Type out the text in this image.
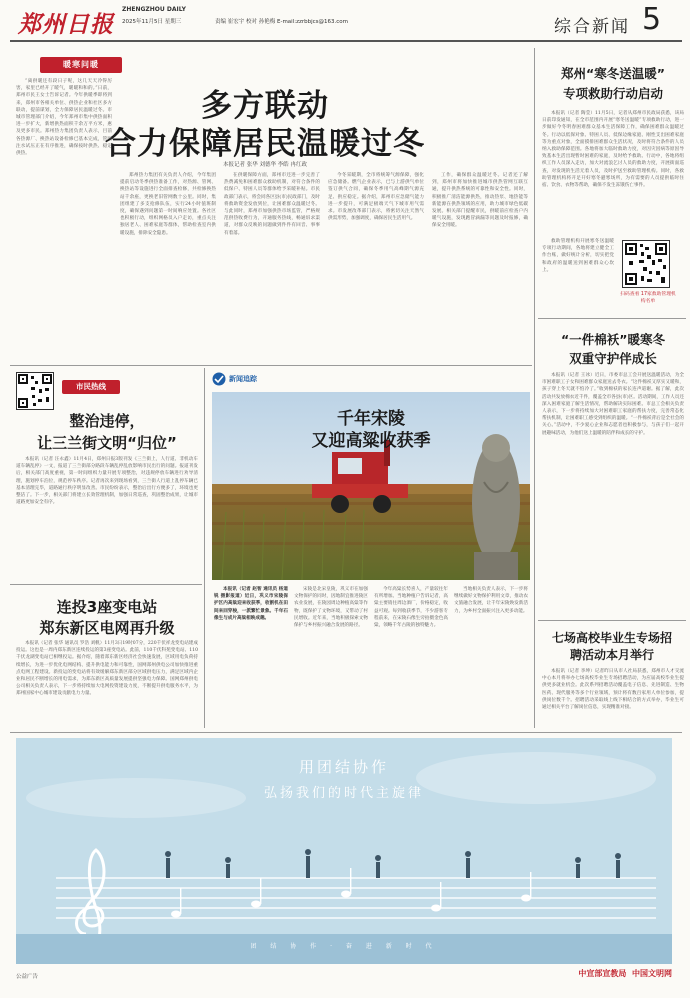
郑州日报
ZHENGZHOU DAILY
2025年11月5日 星期三	责编 崔宏宇 校对 孙艳梅 E-mail:zzrbbjcs@163.com	综合新闻 5
暖寒问暖
多方联动
合力保障居民温暖过冬
本报记者 张华 刘德华 李皓 冉红政

“离供暖还有段日子呢，这几天天冷得厉害，家里已经开了暖气，暖暖和和的。”日前，郑州市民王女士告诉记者。今年供暖季即将到来，郑州市各相关单位、供热企业和社区多方联动，提前谋划，全力保障居民温暖过冬。市城市管理部门介绍，今年郑州市集中供热面积进一步扩大，新增供热面积千余万平方米，惠及更多市民。郑州热力集团负责人表示，目前各热源厂、换热站设备检修已基本完成，管网注水试压正在有序推进，确保按时供热、稳定供热。

郑州热力集团有关负责人介绍，今年集团提前启动冬季供热准备工作，对热源、管网、换热站等设施进行全面排查检修，共检修换热站千余座，更换老旧管网数十公里。同时，集团组建了多支抢修队伍，实行24小时值班制度，确保遇到问题第一时间响应处置。各社区也积极行动，组织网格员入户走访，重点关注独居老人、困难家庭等群体，帮助检查室内供暖设施，排除安全隐患。

在供暖保障方面，郑州市还进一步完善了热费减免和困难群众救助机制，对符合条件的低保户、特困人员等群体给予采暖补贴。市民政部门表示，将会同各区县(市)民政部门，及时将救助资金发放到位，让困难群众温暖过冬。与此同时，郑州市加强供热市场监管，严格规范供热收费行为，开通服务热线，畅通诉求渠道，对群众反映的问题做到件件有回音、事事有着落。

今冬采暖期，全市将统筹气源保障，强化应急储备。燃气企业表示，已与上游供气单位签订供气合同，确保冬季用气高峰期气源充足、供应稳定。据介绍，郑州市应急储气能力进一步提升，可满足极端天气下城市用气需求。市发展改革部门表示，将密切关注天然气供需形势，加强调度，确保居民生活用气。

工作，确保群众温暖过冬。记者还了解到，郑州市将加快推进城市供热管网互联互通，提升供热系统的可靠性和安全性。同时，积极推广清洁能源供热，推动热泵、地热能等新能源在供热领域的应用，助力城市绿色低碳发展。相关部门提醒市民，供暖前应检查户内暖气设施，发现跑冒滴漏等问题及时报修，确保安全用暖。

郑州“寒冬送温暖”
专项救助行动启动

本报讯（记者 陶莹）11月5日，记者从郑州市民政局获悉，该局日前印发通知，在全市范围内开展“寒冬送温暖”专项救助行动，进一步做好今冬明春困难群众基本生活保障工作，确保困难群众温暖过冬。行动以低保对象、特困人员、低保边缘家庭、刚性支出困难家庭等为重点对象，全面摸排困难群众生活状况，及时将符合条件的人员纳入救助保障范围。各地将加大临时救助力度，对因灾因病等原因导致基本生活出现暂时困难的家庭，及时给予救助。行动中，各地将组织工作人员深入走访，加大对流浪乞讨人员的救助力度，开展街面巡查，对发现的生活无着人员，及时护送至救助管理机构。同时，各救助管理机构将开足开好寒冬避寒场所，为有需要的人员提供临时住宿、饮食、衣物等帮助，确保不发生冻饿伤亡事件。

救助管理机构开展寒冬送温暖专项行动期间，各地将建立健全工作台账，做好统计分析，切实把党和政府的温暖送到困难群众心坎上。

扫码查看 17家救助管理机构名单
“一件棉袄”暖寒冬
双重守护伴成长

本报讯（记者 王冰）近日，市委市总工会开展送温暖活动，为全市困难职工子女和困难群众家庭送去冬衣。“这件棉袄又厚实又暖和，孩子穿上冬天就不怕冷了。”收到棉袄的家长连声道谢。据了解，此次活动共发放棉衣近千件，覆盖全市各县(市)区。活动期间，工作人员还深入困难家庭了解生活情况，帮助解决实际困难。市总工会相关负责人表示，下一步将持续加大对困难职工家庭的帮扶力度，完善常态化帮扶机制，让困难职工感受到组织的温暖。“一件棉袄背后是全社会的关心。”活动中，不少爱心企业和志愿者也积极参与，与孩子们一起开展趣味活动，为他们送上温暖的陪伴和成长的守护。

七场高校毕业生专场招聘活动本月举行

本报讯（记者 李坤）记者昨日从市人社局获悉，郑州市人才交流中心本月将举办七场高校毕业生专场招聘活动，为应届高校毕业生提供更多就业机会。此次系列招聘活动覆盖电子信息、先进制造、生物医药、现代服务等多个行业领域，预计将有数百家用人单位参加，提供岗位数千个。招聘活动采取线上线下相结合的方式举办，毕业生可通过相关平台了解岗位信息，实现精准对接。

市民热线
整治违停，
让三兰街文明“归位”

本报讯（记者 汪永鑫）11月4日，郑州日报3版刊发《三兰街上，人行道、非机动车道车辆乱停》一文，报道了三兰街部分路段车辆乱停乱放影响市民出行的问题。报道刊发后，相关部门高度重视，第一时间组织力量开展专项整治，对违规停放车辆进行劝导清理，施划停车泊位，规范停车秩序。记者再次来到现场看到，三兰街人行道上乱停车辆已基本清理完毕，道路通行秩序明显改善。市民纷纷表示，整治后出行方便多了，环境也更整洁了。下一步，相关部门将建立长效管理机制，加强日常巡查，巩固整治成果，让城市道路更加安全有序。

连投3座变电站
郑东新区电网再升级

本报讯（记者 张华 通讯员 罗浩 刘帆）11月3日19时07分，220千伏祥龙变电站建成投运。这也是一周内郑东新区连续投运的第3座变电站。此前，110千伏科苑变电站、110千伏龙湖变电站已相继投运。据介绍，随着郑东新区经济社会快速发展，区域用电负荷持续增长，为进一步优化电网结构、提升供电能力和可靠性，国网郑州供电公司加快推进重点电网工程建设。新投运的变电站将有效缓解郑东新区部分区域供电压力，满足区域内企业和居民不断增长的用电需求，为郑东新区高质量发展提供坚强电力保障。国网郑州供电公司相关负责人表示，下一步将持续加大电网投资建设力度，不断提升供电服务水平，为郑州国家中心城市建设贡献电力力量。

新闻追踪
千年宋陵
又迎高粱收获季

本报讯（记者 赵智 通讯员 杨道锐 摄影报道）近日，巩义市宋陵保护区内高粱迎来收获季，收割机在田间来回穿梭，一派繁忙景象。千年石像生与成片高粱相映成趣。

宋陵是北宋皇陵，巩义市在加强文物保护的同时，因地制宜推进陵区农业发展，在陵园周边种植高粱等作物，既保护了文物环境，又带动了村民增收。近年来，当地积极探索文物保护与乡村振兴融合发展的路径。

今年高粱长势喜人，产量较往年有所增加。当地种植户告诉记者，高粱主要销往周边酒厂，价格稳定，收益可观。每到收获季节，不少游客专程前来，在宋陵石像生旁拍摄金色高粱，领略千年古陵的独特魅力。

当地相关负责人表示，下一步将继续做好文物保护利用文章，推动农文旅融合发展，让千年宋陵焕发新活力，为乡村全面振兴注入更多动能。

用团结协作
弘扬我们的时代主旋律
团 结 协 作 · 奋 进 新 时 代
公益广告	中宣部宣教局  中国文明网
